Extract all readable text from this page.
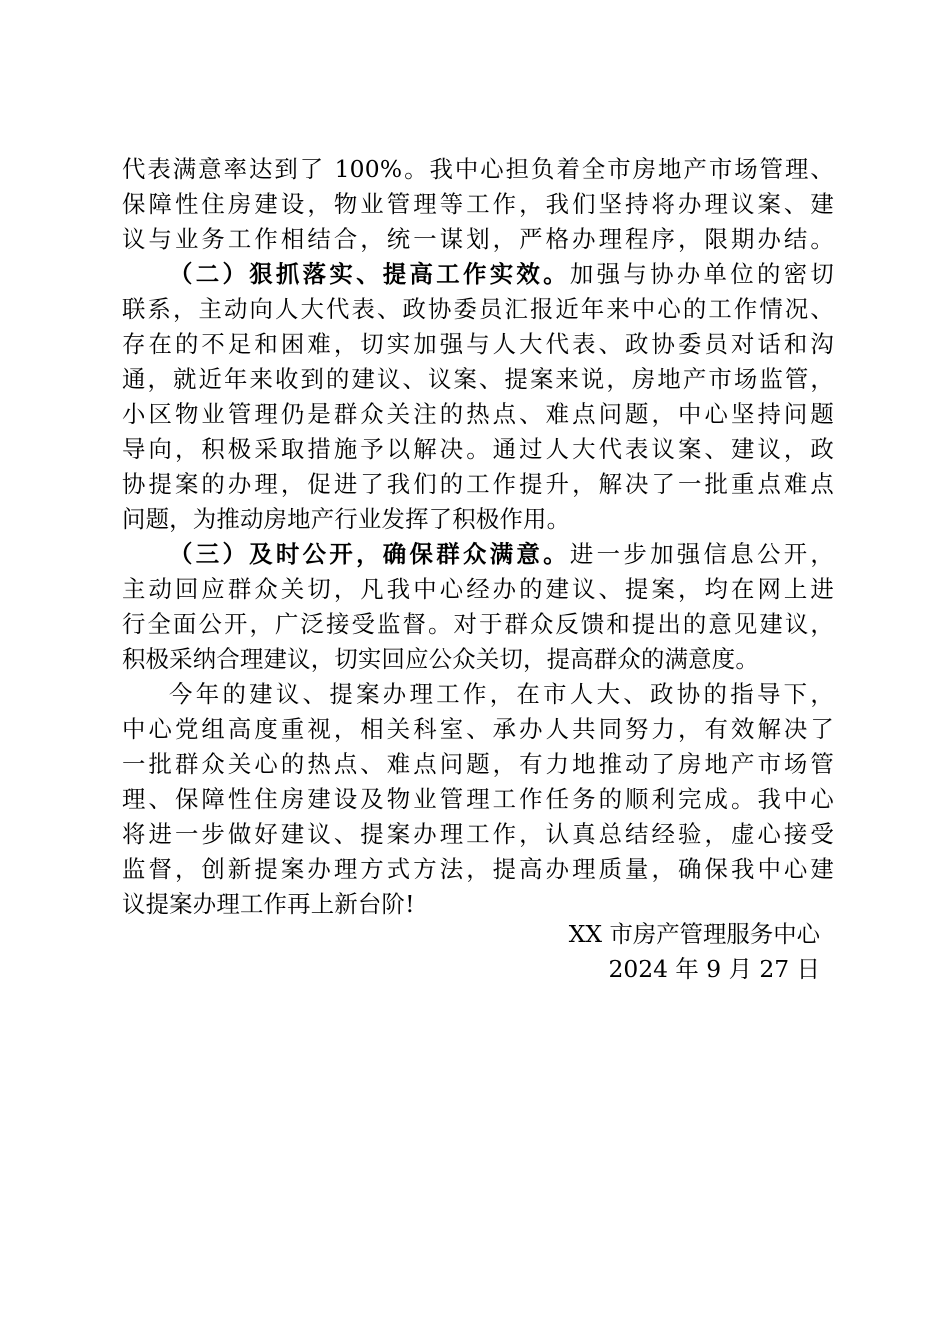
代表满意率达到了 100%。我中心担负着全市房地产市场管理、
保障性住房建设，物业管理等工作，我们坚持将办理议案、建
议与业务工作相结合，统一谋划，严格办理程序，限期办结。
（二）狠抓落实、提高工作实效。加强与协办单位的密切
联系，主动向人大代表、政协委员汇报近年来中心的工作情况、
存在的不足和困难，切实加强与人大代表、政协委员对话和沟
通，就近年来收到的建议、议案、提案来说，房地产市场监管，
小区物业管理仍是群众关注的热点、难点问题，中心坚持问题
导向，积极采取措施予以解决。通过人大代表议案、建议，政
协提案的办理，促进了我们的工作提升，解决了一批重点难点
问题，为推动房地产行业发挥了积极作用。
（三）及时公开，确保群众满意。进一步加强信息公开，
主动回应群众关切，凡我中心经办的建议、提案，均在网上进
行全面公开，广泛接受监督。对于群众反馈和提出的意见建议，
积极采纳合理建议，切实回应公众关切，提高群众的满意度。
今年的建议、提案办理工作，在市人大、政协的指导下，
中心党组高度重视，相关科室、承办人共同努力，有效解决了
一批群众关心的热点、难点问题，有力地推动了房地产市场管
理、保障性住房建设及物业管理工作任务的顺利完成。我中心
将进一步做好建议、提案办理工作，认真总结经验，虚心接受
监督，创新提案办理方式方法，提高办理质量，确保我中心建
议提案办理工作再上新台阶!
XX 市房产管理服务中心
2024 年 9 月 27 日
